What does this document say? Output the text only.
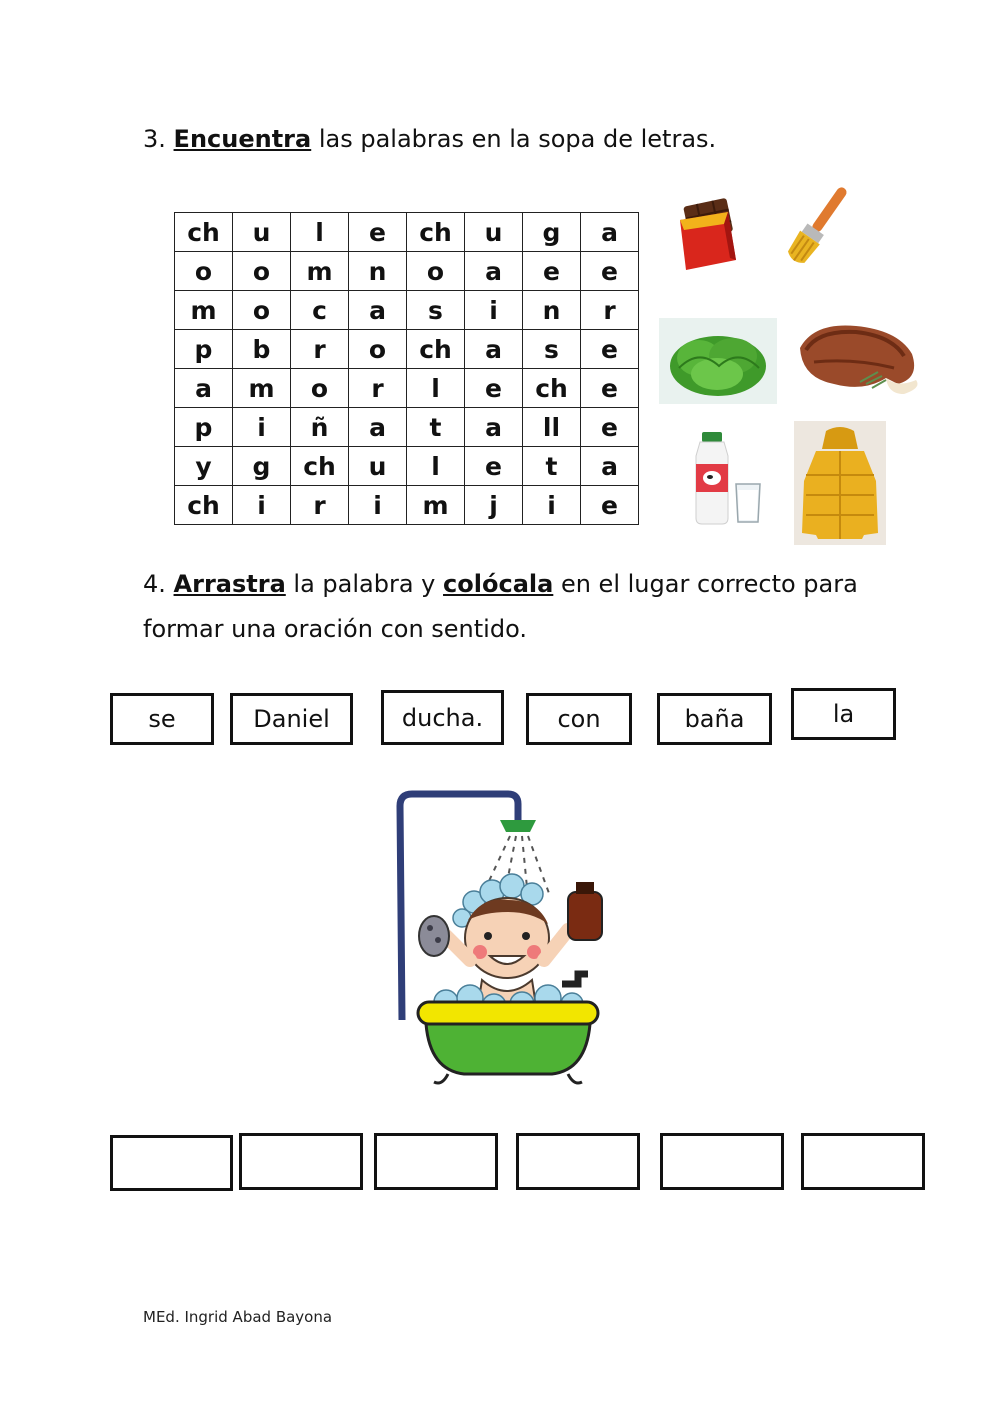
3. Encuentra las palabras en la sopa de letras.
ch	u	l	e	ch	u	g	a
o	o	m	n	o	a	e	e
m	o	c	a	s	i	n	r
p	b	r	o	ch	a	s	e
a	m	o	r	l	e	ch	e
p	i	ñ	a	t	a	ll	e
y	g	ch	u	l	e	t	a
ch	i	r	i	m	j	i	e
4. Arrastra la palabra y colócala en el lugar correcto para formar una oración con sentido.
se	Daniel	ducha.	con	baña	la
MEd. Ingrid Abad Bayona
